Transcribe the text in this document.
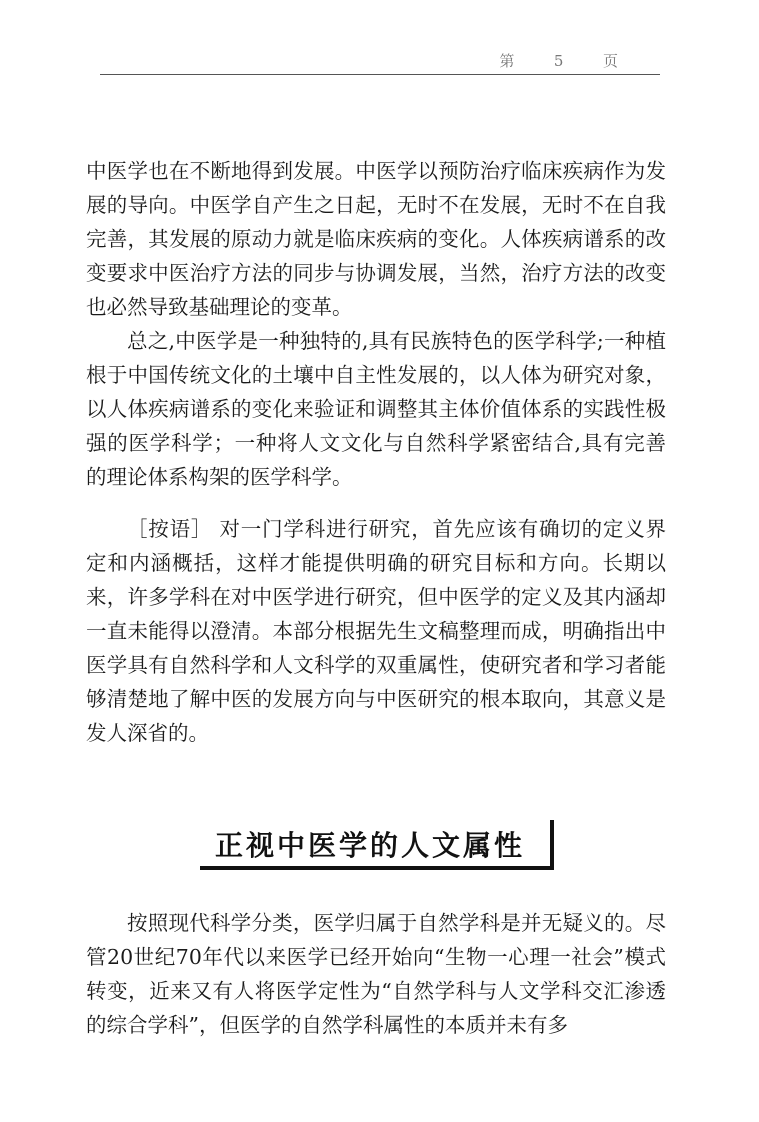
第  5  页

中医学也在不断地得到发展。中医学以预防治疗临床疾病作为发展的导向。中医学自产生之日起，无时不在发展，无时不在自我完善，其发展的原动力就是临床疾病的变化。人体疾病谱系的改变要求中医治疗方法的同步与协调发展，当然，治疗方法的改变也必然导致基础理论的变革。

总之,中医学是一种独特的,具有民族特色的医学科学;一种植根于中国传统文化的土壤中自主性发展的，以人体为研究对象，以人体疾病谱系的变化来验证和调整其主体价值体系的实践性极强的医学科学；一种将人文文化与自然科学紧密结合,具有完善的理论体系构架的医学科学。

［按语］ 对一门学科进行研究，首先应该有确切的定义界定和内涵概括，这样才能提供明确的研究目标和方向。长期以来，许多学科在对中医学进行研究，但中医学的定义及其内涵却一直未能得以澄清。本部分根据先生文稿整理而成，明确指出中医学具有自然科学和人文科学的双重属性，使研究者和学习者能够清楚地了解中医的发展方向与中医研究的根本取向，其意义是发人深省的。

正视中医学的人文属性

按照现代科学分类，医学归属于自然学科是并无疑义的。尽管20世纪70年代以来医学已经开始向“生物一心理一社会”模式转变，近来又有人将医学定性为“自然学科与人文学科交汇渗透的综合学科”，但医学的自然学科属性的本质并未有多
